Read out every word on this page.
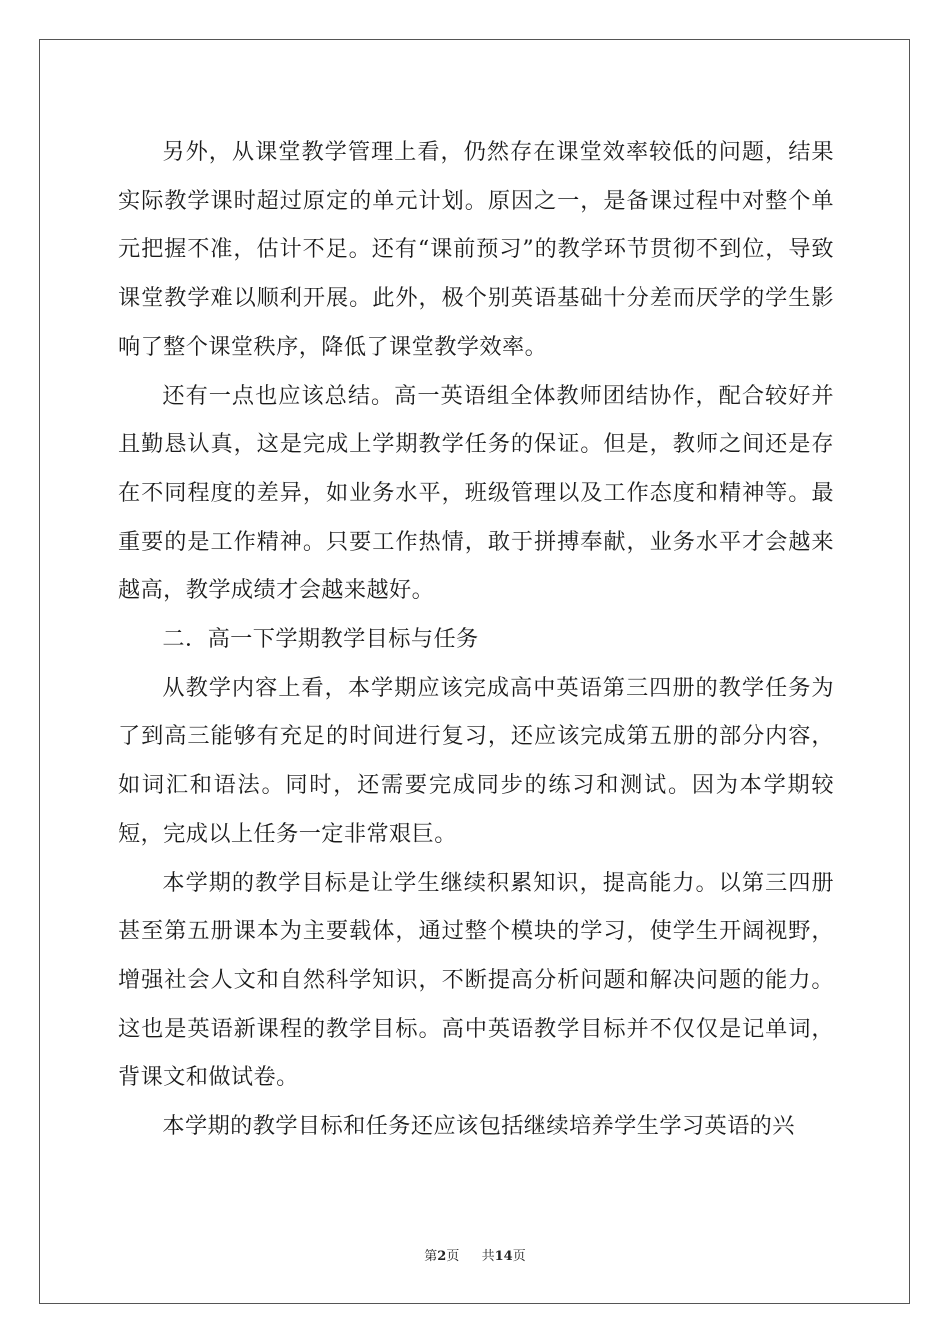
另外，从课堂教学管理上看，仍然存在课堂效率较低的问题，结果实际教学课时超过原定的单元计划。原因之一，是备课过程中对整个单元把握不准，估计不足。还有“课前预习”的教学环节贯彻不到位，导致课堂教学难以顺利开展。此外，极个别英语基础十分差而厌学的学生影响了整个课堂秩序，降低了课堂教学效率。

还有一点也应该总结。高一英语组全体教师团结协作，配合较好并且勤恳认真，这是完成上学期教学任务的保证。但是，教师之间还是存在不同程度的差异，如业务水平，班级管理以及工作态度和精神等。最重要的是工作精神。只要工作热情，敢于拼搏奉献，业务水平才会越来越高，教学成绩才会越来越好。

二．高一下学期教学目标与任务

从教学内容上看，本学期应该完成高中英语第三四册的教学任务为了到高三能够有充足的时间进行复习，还应该完成第五册的部分内容，如词汇和语法。同时，还需要完成同步的练习和测试。因为本学期较短，完成以上任务一定非常艰巨。

本学期的教学目标是让学生继续积累知识，提高能力。以第三四册甚至第五册课本为主要载体，通过整个模块的学习，使学生开阔视野，增强社会人文和自然科学知识，不断提高分析问题和解决问题的能力。这也是英语新课程的教学目标。高中英语教学目标并不仅仅是记单词，背课文和做试卷。

本学期的教学目标和任务还应该包括继续培养学生学习英语的兴

第2页 共14页
